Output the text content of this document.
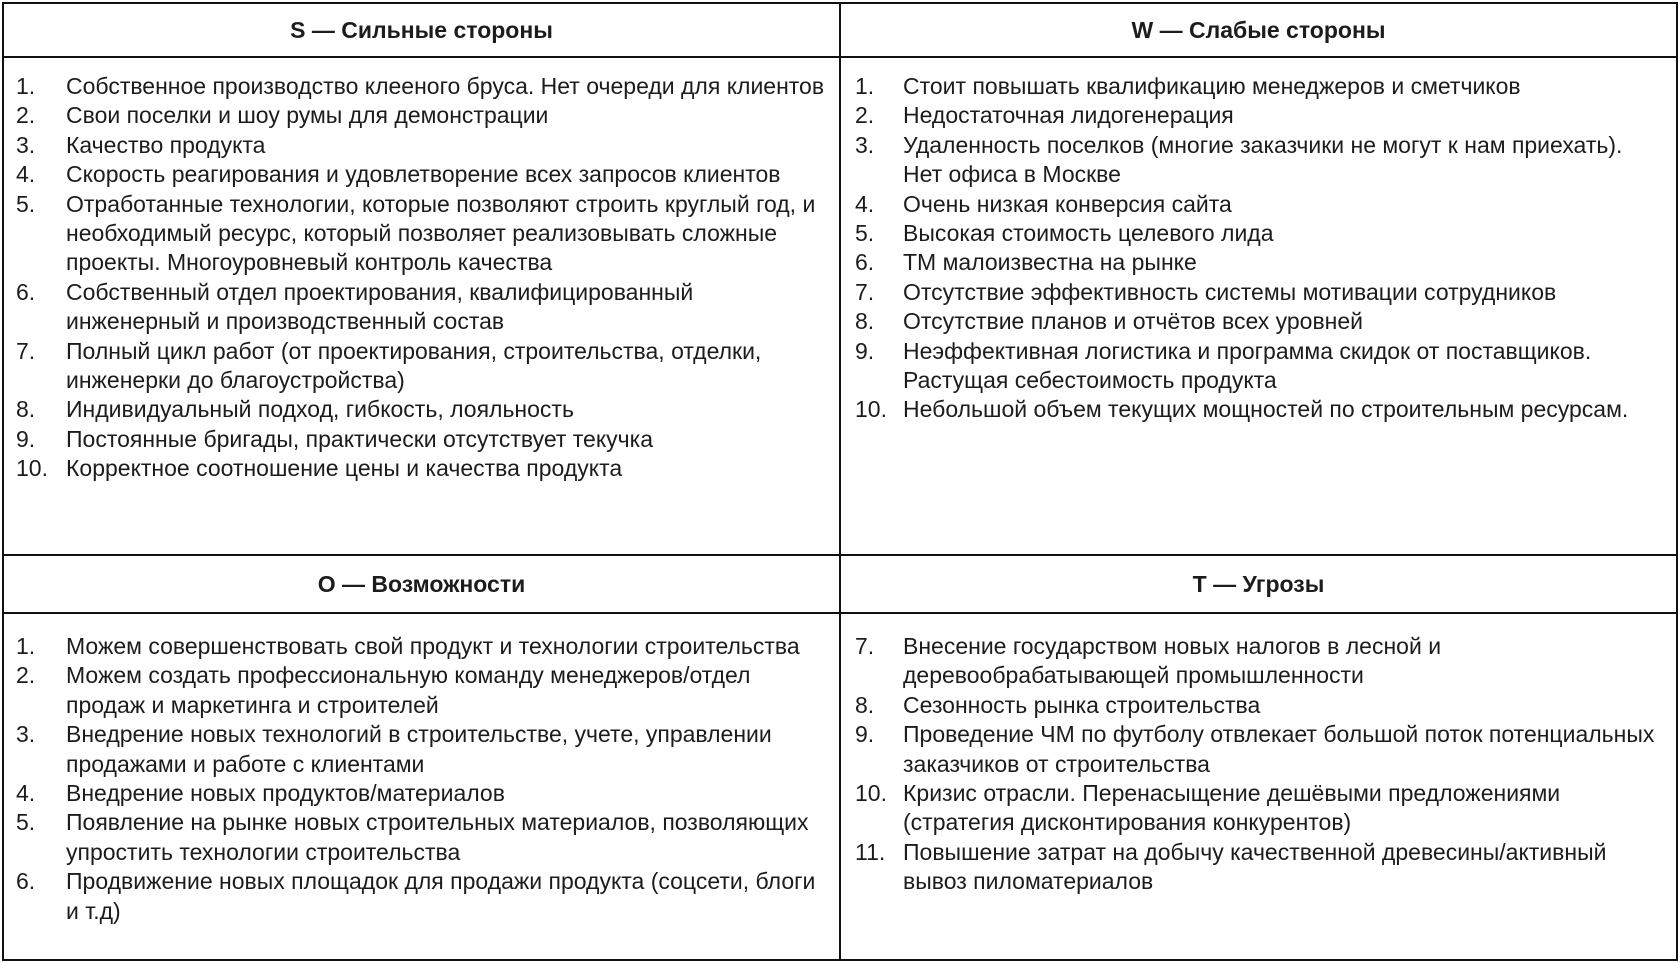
S — Сильные стороны	W — Слабые стороны
1. Собственное производство клееного бруса. Нет очереди для клиентов
2. Свои поселки и шоу румы для демонстрации
3. Качество продукта
4. Скорость реагирования и удовлетворение всех запросов клиентов
5. Отработанные технологии, которые позволяют строить круглый год, и необходимый ресурс, который позволяет реализовывать сложные проекты. Многоуровневый контроль качества
6. Собственный отдел проектирования, квалифицированный инженерный и производственный состав
7. Полный цикл работ (от проектирования, строительства, отделки, инженерки до благоустройства)
8. Индивидуальный подход, гибкость, лояльность
9. Постоянные бригады, практически отсутствует текучка
10. Корректное соотношение цены и качества продукта
1. Стоит повышать квалификацию менеджеров и сметчиков
2. Недостаточная лидогенерация
3. Удаленность поселков (многие заказчики не могут к нам приехать). Нет офиса в Москве
4. Очень низкая конверсия сайта
5. Высокая стоимость целевого лида
6. ТМ малоизвестна на рынке
7. Отсутствие эффективность системы мотивации сотрудников
8. Отсутствие планов и отчётов всех уровней
9. Неэффективная логистика и программа скидок от поставщиков. Растущая себестоимость продукта
10. Небольшой объем текущих мощностей по строительным ресурсам.
O — Возможности	T — Угрозы
1. Можем совершенствовать свой продукт и технологии строительства
2. Можем создать профессиональную команду менеджеров/отдел продаж и маркетинга и строителей
3. Внедрение новых технологий в строительстве, учете, управлении продажами и работе с клиентами
4. Внедрение новых продуктов/материалов
5. Появление на рынке новых строительных материалов, позволяющих упростить технологии строительства
6. Продвижение новых площадок для продажи продукта (соцсети, блоги и т.д)
7. Внесение государством новых налогов в лесной и деревообрабатывающей промышленности
8. Сезонность рынка строительства
9. Проведение ЧМ по футболу отвлекает большой поток потенциальных заказчиков от строительства
10. Кризис отрасли. Перенасыщение дешёвыми предложениями (стратегия дисконтирования конкурентов)
11. Повышение затрат на добычу качественной древесины/активный вывоз пиломатериалов
